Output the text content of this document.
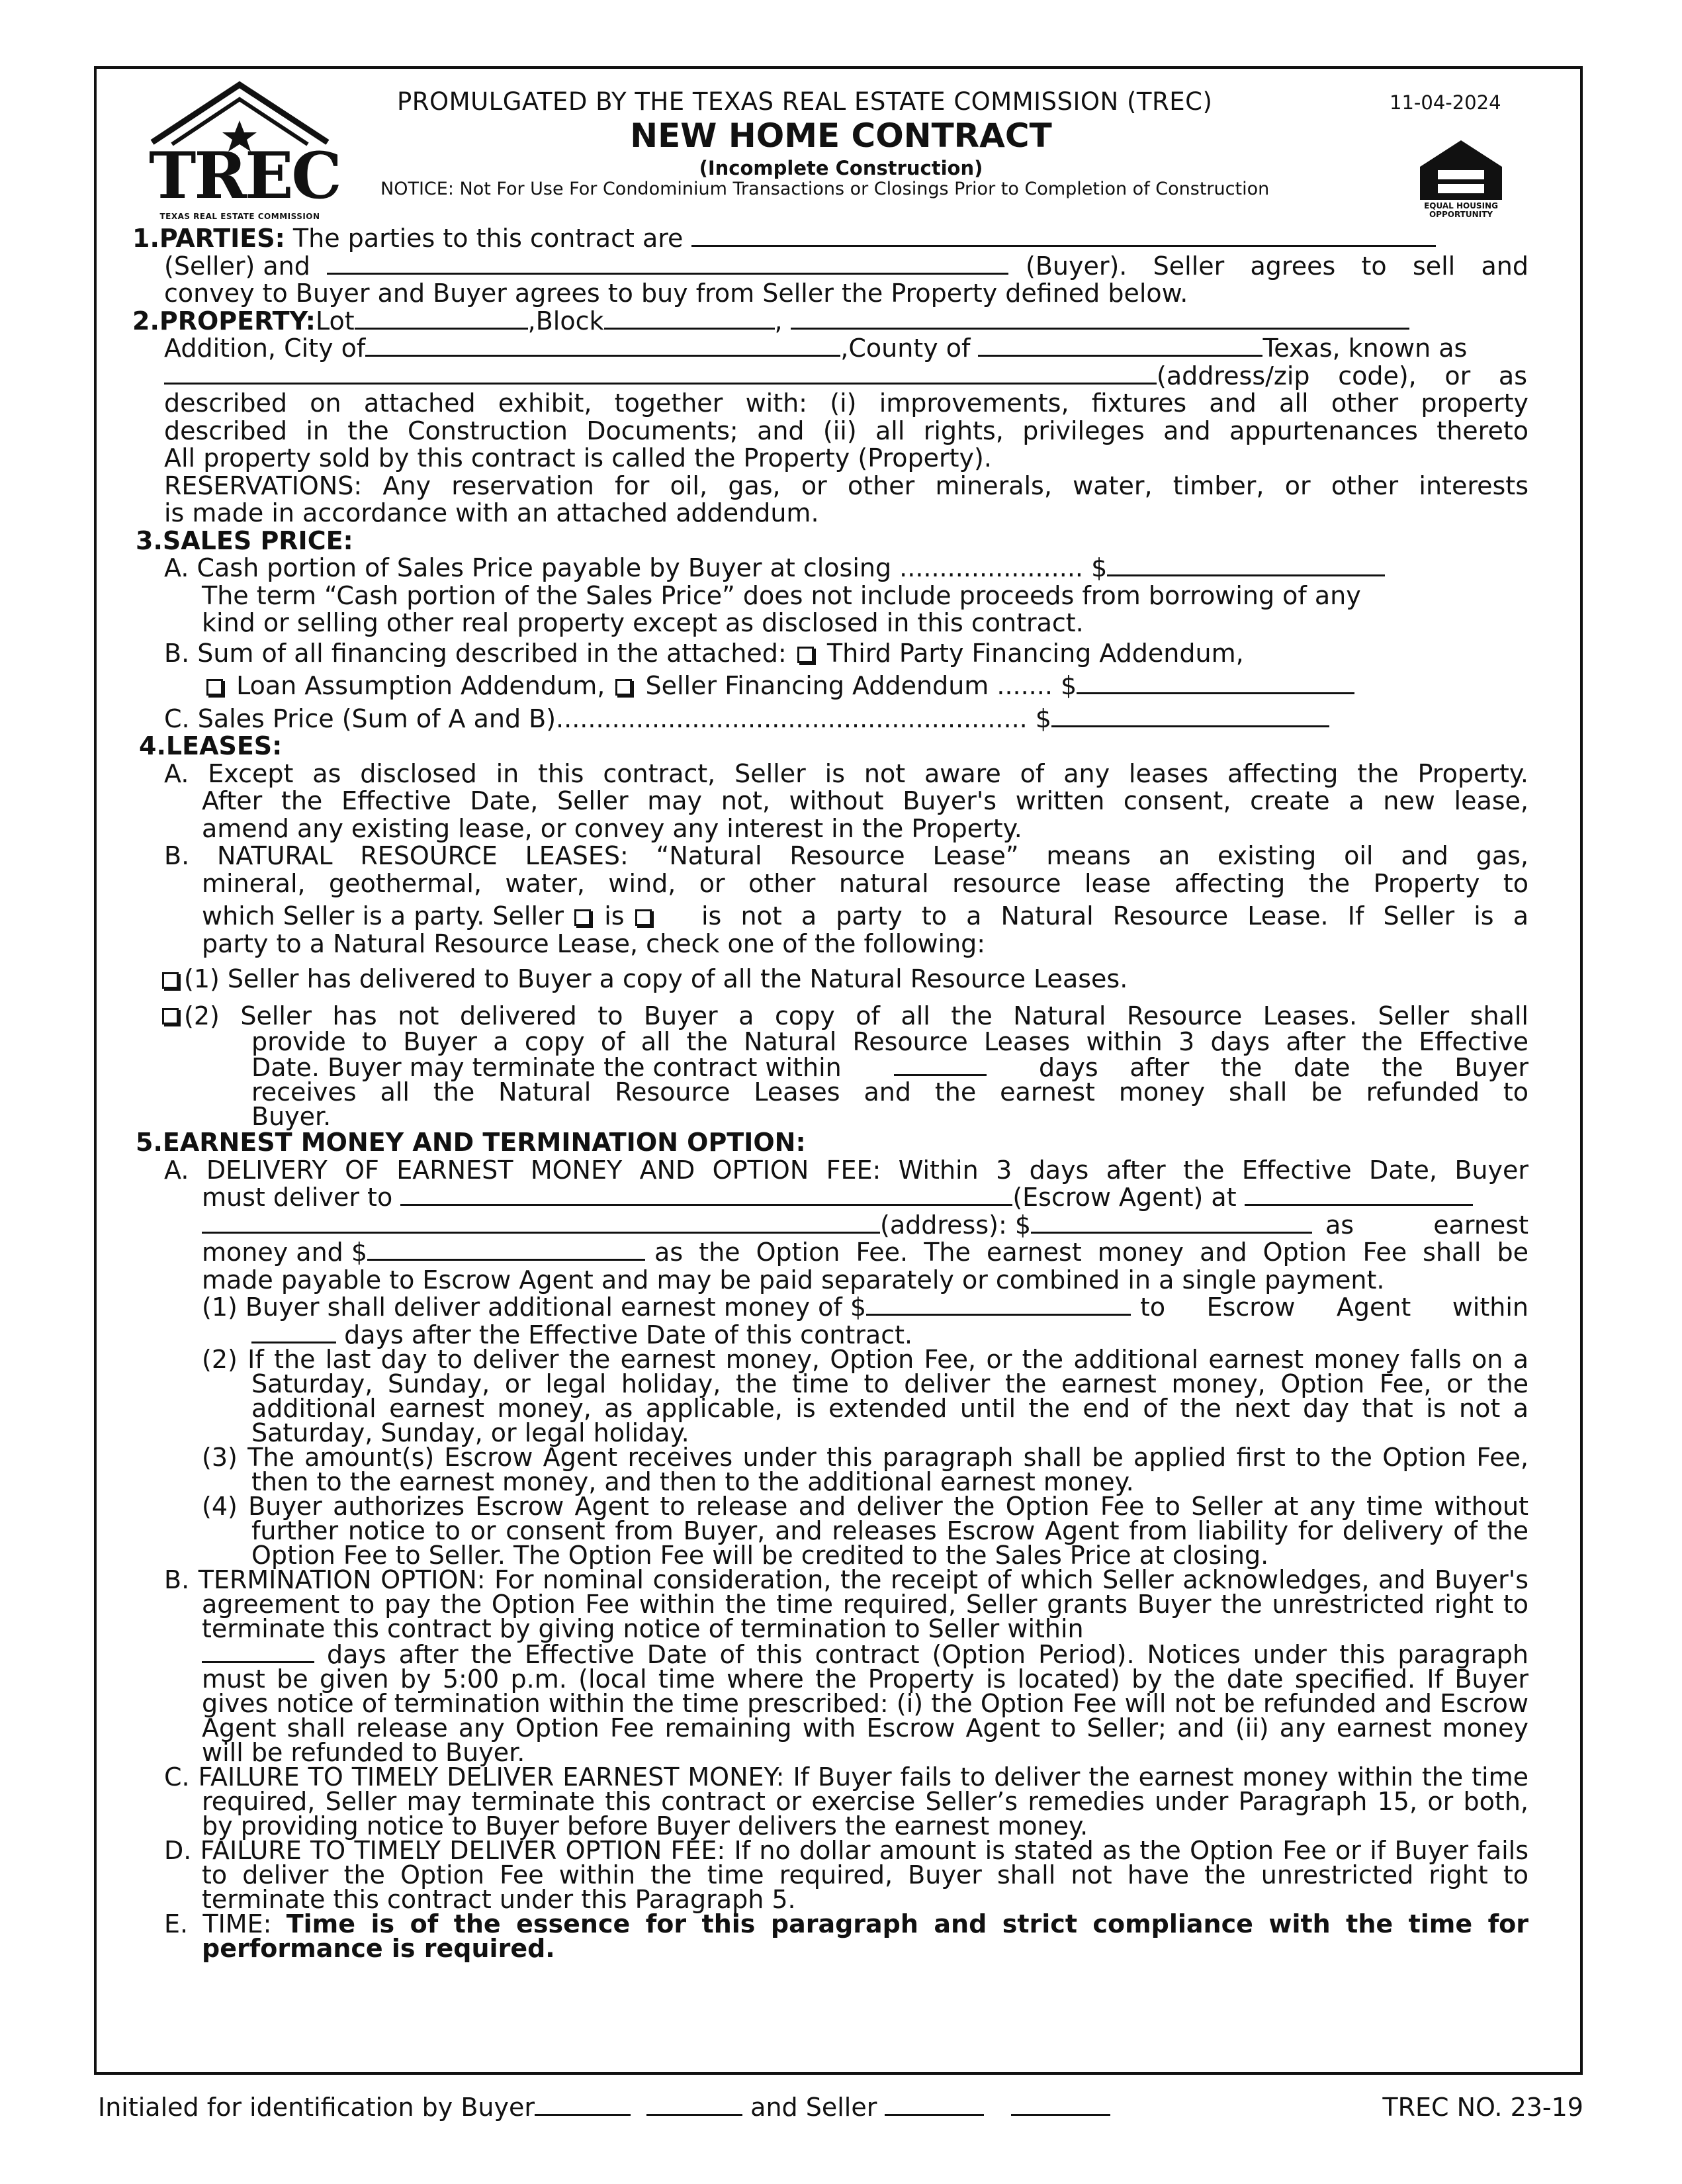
TREC
TEXAS REAL ESTATE COMMISSION
PROMULGATED BY THE TEXAS REAL ESTATE COMMISSION (TREC)	11-04-2024
NEW HOME CONTRACT
(Incomplete Construction)
NOTICE: Not For Use For Condominium Transactions or Closings Prior to Completion of Construction
EQUAL HOUSING OPPORTUNITY

1.PARTIES: The parties to this contract are

(Seller) and	(Buyer). Seller agrees to sell and

convey to Buyer and Buyer agrees to buy from Seller the Property defined below.

2.PROPERTY:Lot	,Block	,

Addition, City of	,County of	Texas, known as

(address/zip code), or as

described on attached exhibit, together with: (i) improvements, fixtures and all other property

described in the Construction Documents; and (ii) all rights, privileges and appurtenances thereto

All property sold by this contract is called the Property (Property).

RESERVATIONS: Any reservation for oil, gas, or other minerals, water, timber, or other interests

is made in accordance with an attached addendum.

3.SALES PRICE:

A. Cash portion of Sales Price payable by Buyer at closing ....................... $

The term “Cash portion of the Sales Price” does not include proceeds from borrowing of any

kind or selling other real property except as disclosed in this contract.

B. Sum of all financing described in the attached: Third Party Financing Addendum,

Loan Assumption Addendum, Seller Financing Addendum ....... $

C. Sales Price (Sum of A and B)........................................................... $

4.LEASES:

A. Except as disclosed in this contract, Seller is not aware of any leases affecting the Property.

After the Effective Date, Seller may not, without Buyer's written consent, create a new lease,

amend any existing lease, or convey any interest in the Property.

B. NATURAL RESOURCE LEASES: “Natural Resource Lease” means an existing oil and gas,

mineral, geothermal, water, wind, or other natural resource lease affecting the Property to

which Seller is a party. Seller is	is not a party to a Natural Resource Lease. If Seller is a

party to a Natural Resource Lease, check one of the following:

(1) Seller has delivered to Buyer a copy of all the Natural Resource Leases.

(2) Seller has not delivered to Buyer a copy of all the Natural Resource Leases. Seller shall

provide to Buyer a copy of all the Natural Resource Leases within 3 days after the Effective

Date. Buyer may terminate the contract within	days after the date the Buyer

receives all the Natural Resource Leases and the earnest money shall be refunded to

Buyer.

5.EARNEST MONEY AND TERMINATION OPTION:

A. DELIVERY OF EARNEST MONEY AND OPTION FEE: Within 3 days after the Effective Date, Buyer

must deliver to	(Escrow Agent) at

(address): $	as earnest

money and $	as the Option Fee. The earnest money and Option Fee shall be

made payable to Escrow Agent and may be paid separately or combined in a single payment.

(1) Buyer shall deliver additional earnest money of $	to Escrow Agent within

days after the Effective Date of this contract.

(2) If the last day to deliver the earnest money, Option Fee, or the additional earnest money falls on a Saturday, Sunday, or legal holiday, the time to deliver the earnest money, Option Fee, or the additional earnest money, as applicable, is extended until the end of the next day that is not a Saturday, Sunday, or legal holiday.

(3) The amount(s) Escrow Agent receives under this paragraph shall be applied first to the Option Fee, then to the earnest money, and then to the additional earnest money.

(4) Buyer authorizes Escrow Agent to release and deliver the Option Fee to Seller at any time without further notice to or consent from Buyer, and releases Escrow Agent from liability for delivery of the Option Fee to Seller. The Option Fee will be credited to the Sales Price at closing.

B. TERMINATION OPTION: For nominal consideration, the receipt of which Seller acknowledges, and Buyer's agreement to pay the Option Fee within the time required, Seller grants Buyer the unrestricted right to terminate this contract by giving notice of termination to Seller within

days after the Effective Date of this contract (Option Period). Notices under this paragraph must be given by 5:00 p.m. (local time where the Property is located) by the date specified. If Buyer gives notice of termination within the time prescribed: (i) the Option Fee will not be refunded and Escrow Agent shall release any Option Fee remaining with Escrow Agent to Seller; and (ii) any earnest money will be refunded to Buyer.

C. FAILURE TO TIMELY DELIVER EARNEST MONEY: If Buyer fails to deliver the earnest money within the time required, Seller may terminate this contract or exercise Seller’s remedies under Paragraph 15, or both, by providing notice to Buyer before Buyer delivers the earnest money.

D. FAILURE TO TIMELY DELIVER OPTION FEE: If no dollar amount is stated as the Option Fee or if Buyer fails to deliver the Option Fee within the time required, Buyer shall not have the unrestricted right to terminate this contract under this Paragraph 5.

E. TIME: Time is of the essence for this paragraph and strict compliance with the time for performance is required.

Initialed for identification by Buyer	and Seller	TREC NO. 23-19
